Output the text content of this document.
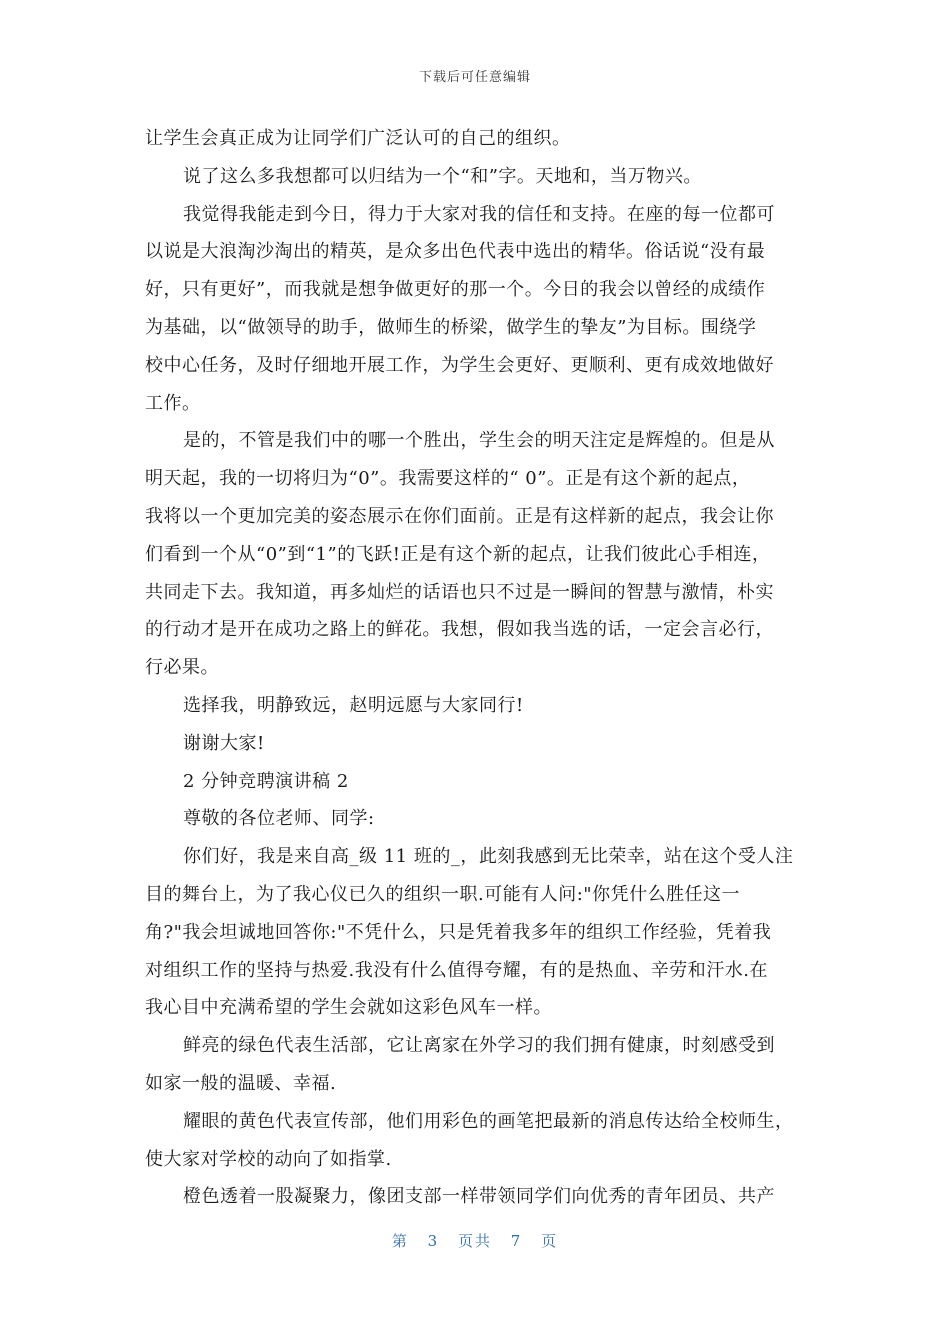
下载后可任意编辑
让学生会真正成为让同学们广泛认可的自己的组织。
说了这么多我想都可以归结为一个“和”字。天地和，当万物兴。
我觉得我能走到今日，得力于大家对我的信任和支持。在座的每一位都可
以说是大浪淘沙淘出的精英，是众多出色代表中选出的精华。俗话说“没有最
好，只有更好”，而我就是想争做更好的那一个。今日的我会以曾经的成绩作
为基础，以“做领导的助手，做师生的桥梁，做学生的挚友”为目标。围绕学
校中心任务，及时仔细地开展工作，为学生会更好、更顺利、更有成效地做好
工作。
是的，不管是我们中的哪一个胜出，学生会的明天注定是辉煌的。但是从
明天起，我的一切将归为“0”。我需要这样的“ 0”。正是有这个新的起点，
我将以一个更加完美的姿态展示在你们面前。正是有这样新的起点，我会让你
们看到一个从“0”到“1”的飞跃!正是有这个新的起点，让我们彼此心手相连，
共同走下去。我知道，再多灿烂的话语也只不过是一瞬间的智慧与激情，朴实
的行动才是开在成功之路上的鲜花。我想，假如我当选的话，一定会言必行，
行必果。
选择我，明静致远，赵明远愿与大家同行!
谢谢大家!
2 分钟竞聘演讲稿 2
尊敬的各位老师、同学:
你们好，我是来自高_级 11 班的_，此刻我感到无比荣幸，站在这个受人注
目的舞台上，为了我心仪已久的组织一职.可能有人问:"你凭什么胜任这一
角?"我会坦诚地回答你:"不凭什么，只是凭着我多年的组织工作经验，凭着我
对组织工作的坚持与热爱.我没有什么值得夸耀，有的是热血、辛劳和汗水.在
我心目中充满希望的学生会就如这彩色风车一样。
鲜亮的绿色代表生活部，它让离家在外学习的我们拥有健康，时刻感受到
如家一般的温暖、幸福.
耀眼的黄色代表宣传部，他们用彩色的画笔把最新的消息传达给全校师生，
使大家对学校的动向了如指掌.
橙色透着一股凝聚力，像团支部一样带领同学们向优秀的青年团员、共产
第 3 页共 7 页
